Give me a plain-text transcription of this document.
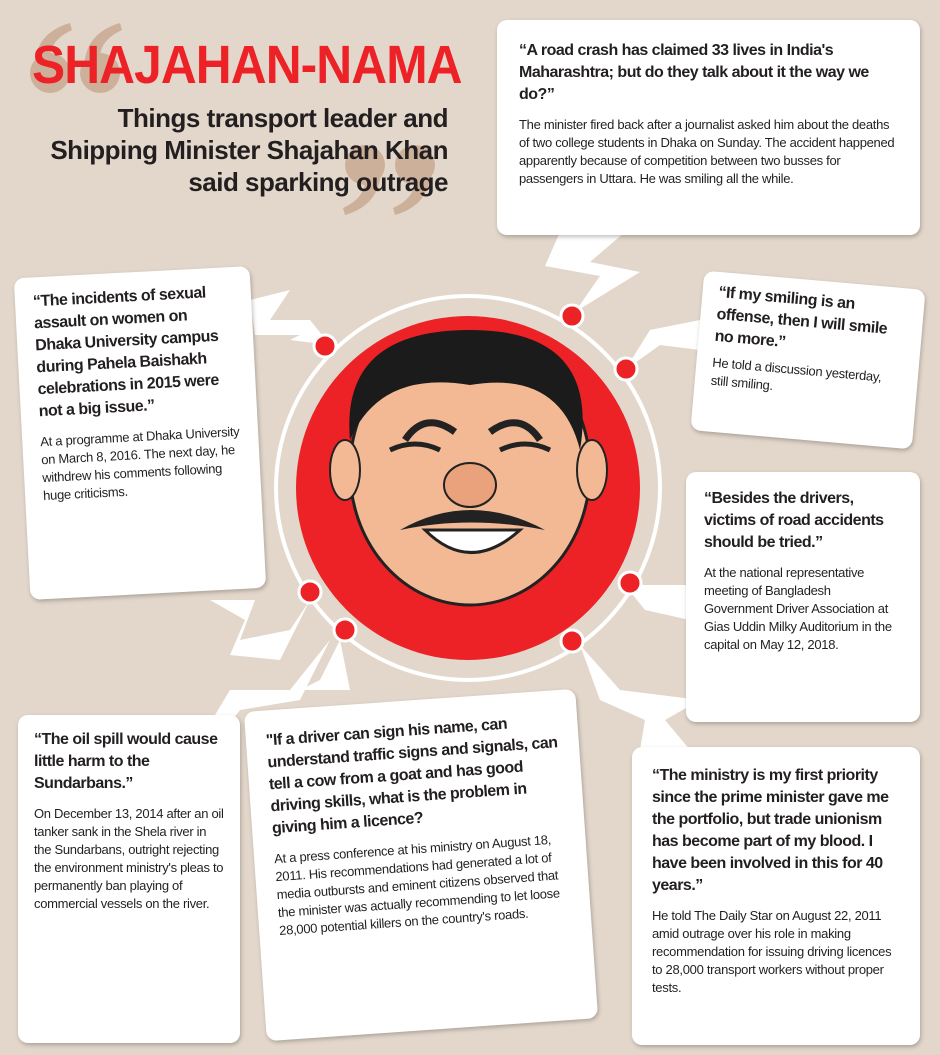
SHAJAHAN-NAMA
Things transport leader and Shipping Minister Shajahan Khan said sparking outrage
“A road crash has claimed 33 lives in India's Maharashtra; but do they talk about it the way we do?”
The minister fired back after a journalist asked him about the deaths of two college students in Dhaka on Sunday. The accident happened apparently because of competition between two busses for passengers in Uttara. He was smiling all the while.
“If my smiling is an offense, then I will smile no more.”
He told a discussion yesterday, still smiling.
“The incidents of sexual assault on women on Dhaka University campus during Pahela Baishakh celebrations in 2015 were not a big issue.”
At a programme at Dhaka University on March 8, 2016. The next day, he withdrew his comments following huge criticisms.	“Besides the drivers, victims of road accidents should be tried.”
At the national representative meeting of Bangladesh Government Driver Association at Gias Uddin Milky Auditorium in the capital on May 12, 2018.
“The oil spill would cause little harm to the Sundarbans.”
On December 13, 2014 after an oil tanker sank in the Shela river in the Sundarbans, outright rejecting the environment ministry's pleas to permanently ban playing of commercial vessels on the river.
"If a driver can sign his name, can understand traffic signs and signals, can tell a cow from a goat and has good driving skills, what is the problem in giving him a licence?
At a press conference at his ministry on August 18, 2011. His recommendations had generated a lot of media outbursts and eminent citizens observed that the minister was actually recommending to let loose 28,000 potential killers on the country's roads.
“The ministry is my first priority since the prime minister gave me the portfolio, but trade unionism has become part of my blood. I have been involved in this for 40 years.”
He told The Daily Star on August 22, 2011 amid outrage over his role in making recommendation for issuing driving licences to 28,000 transport workers without proper tests.
